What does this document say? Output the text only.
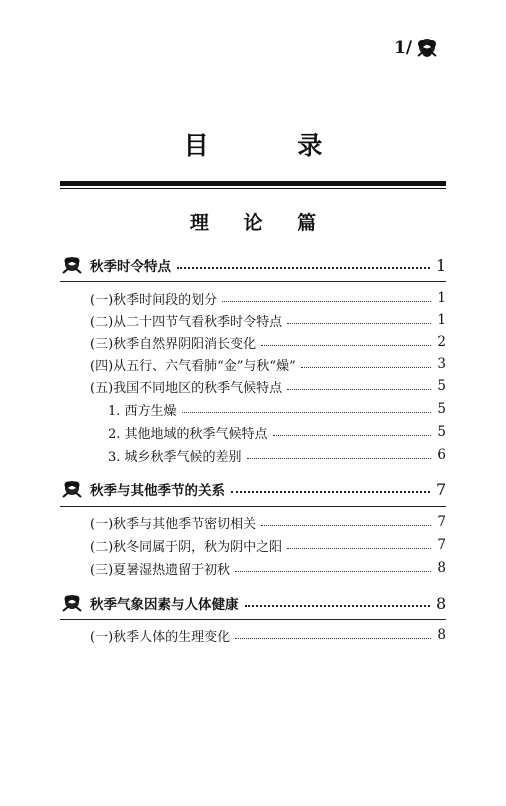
1/
目 录
理 论 篇
秋季时令特点	1
(一)秋季时间段的划分	1
(二)从二十四节气看秋季时令特点	1
(三)秋季自然界阴阳消长变化	2
(四)从五行、六气看肺“金”与秋“燥”	3
(五)我国不同地区的秋季气候特点	5
1. 西方生燥	5
2. 其他地域的秋季气候特点	5
3. 城乡秋季气候的差别	6
秋季与其他季节的关系	7
(一)秋季与其他季节密切相关	7
(二)秋冬同属于阴，秋为阴中之阳	7
(三)夏暑湿热遗留于初秋	8
秋季气象因素与人体健康	8
(一)秋季人体的生理变化	8
